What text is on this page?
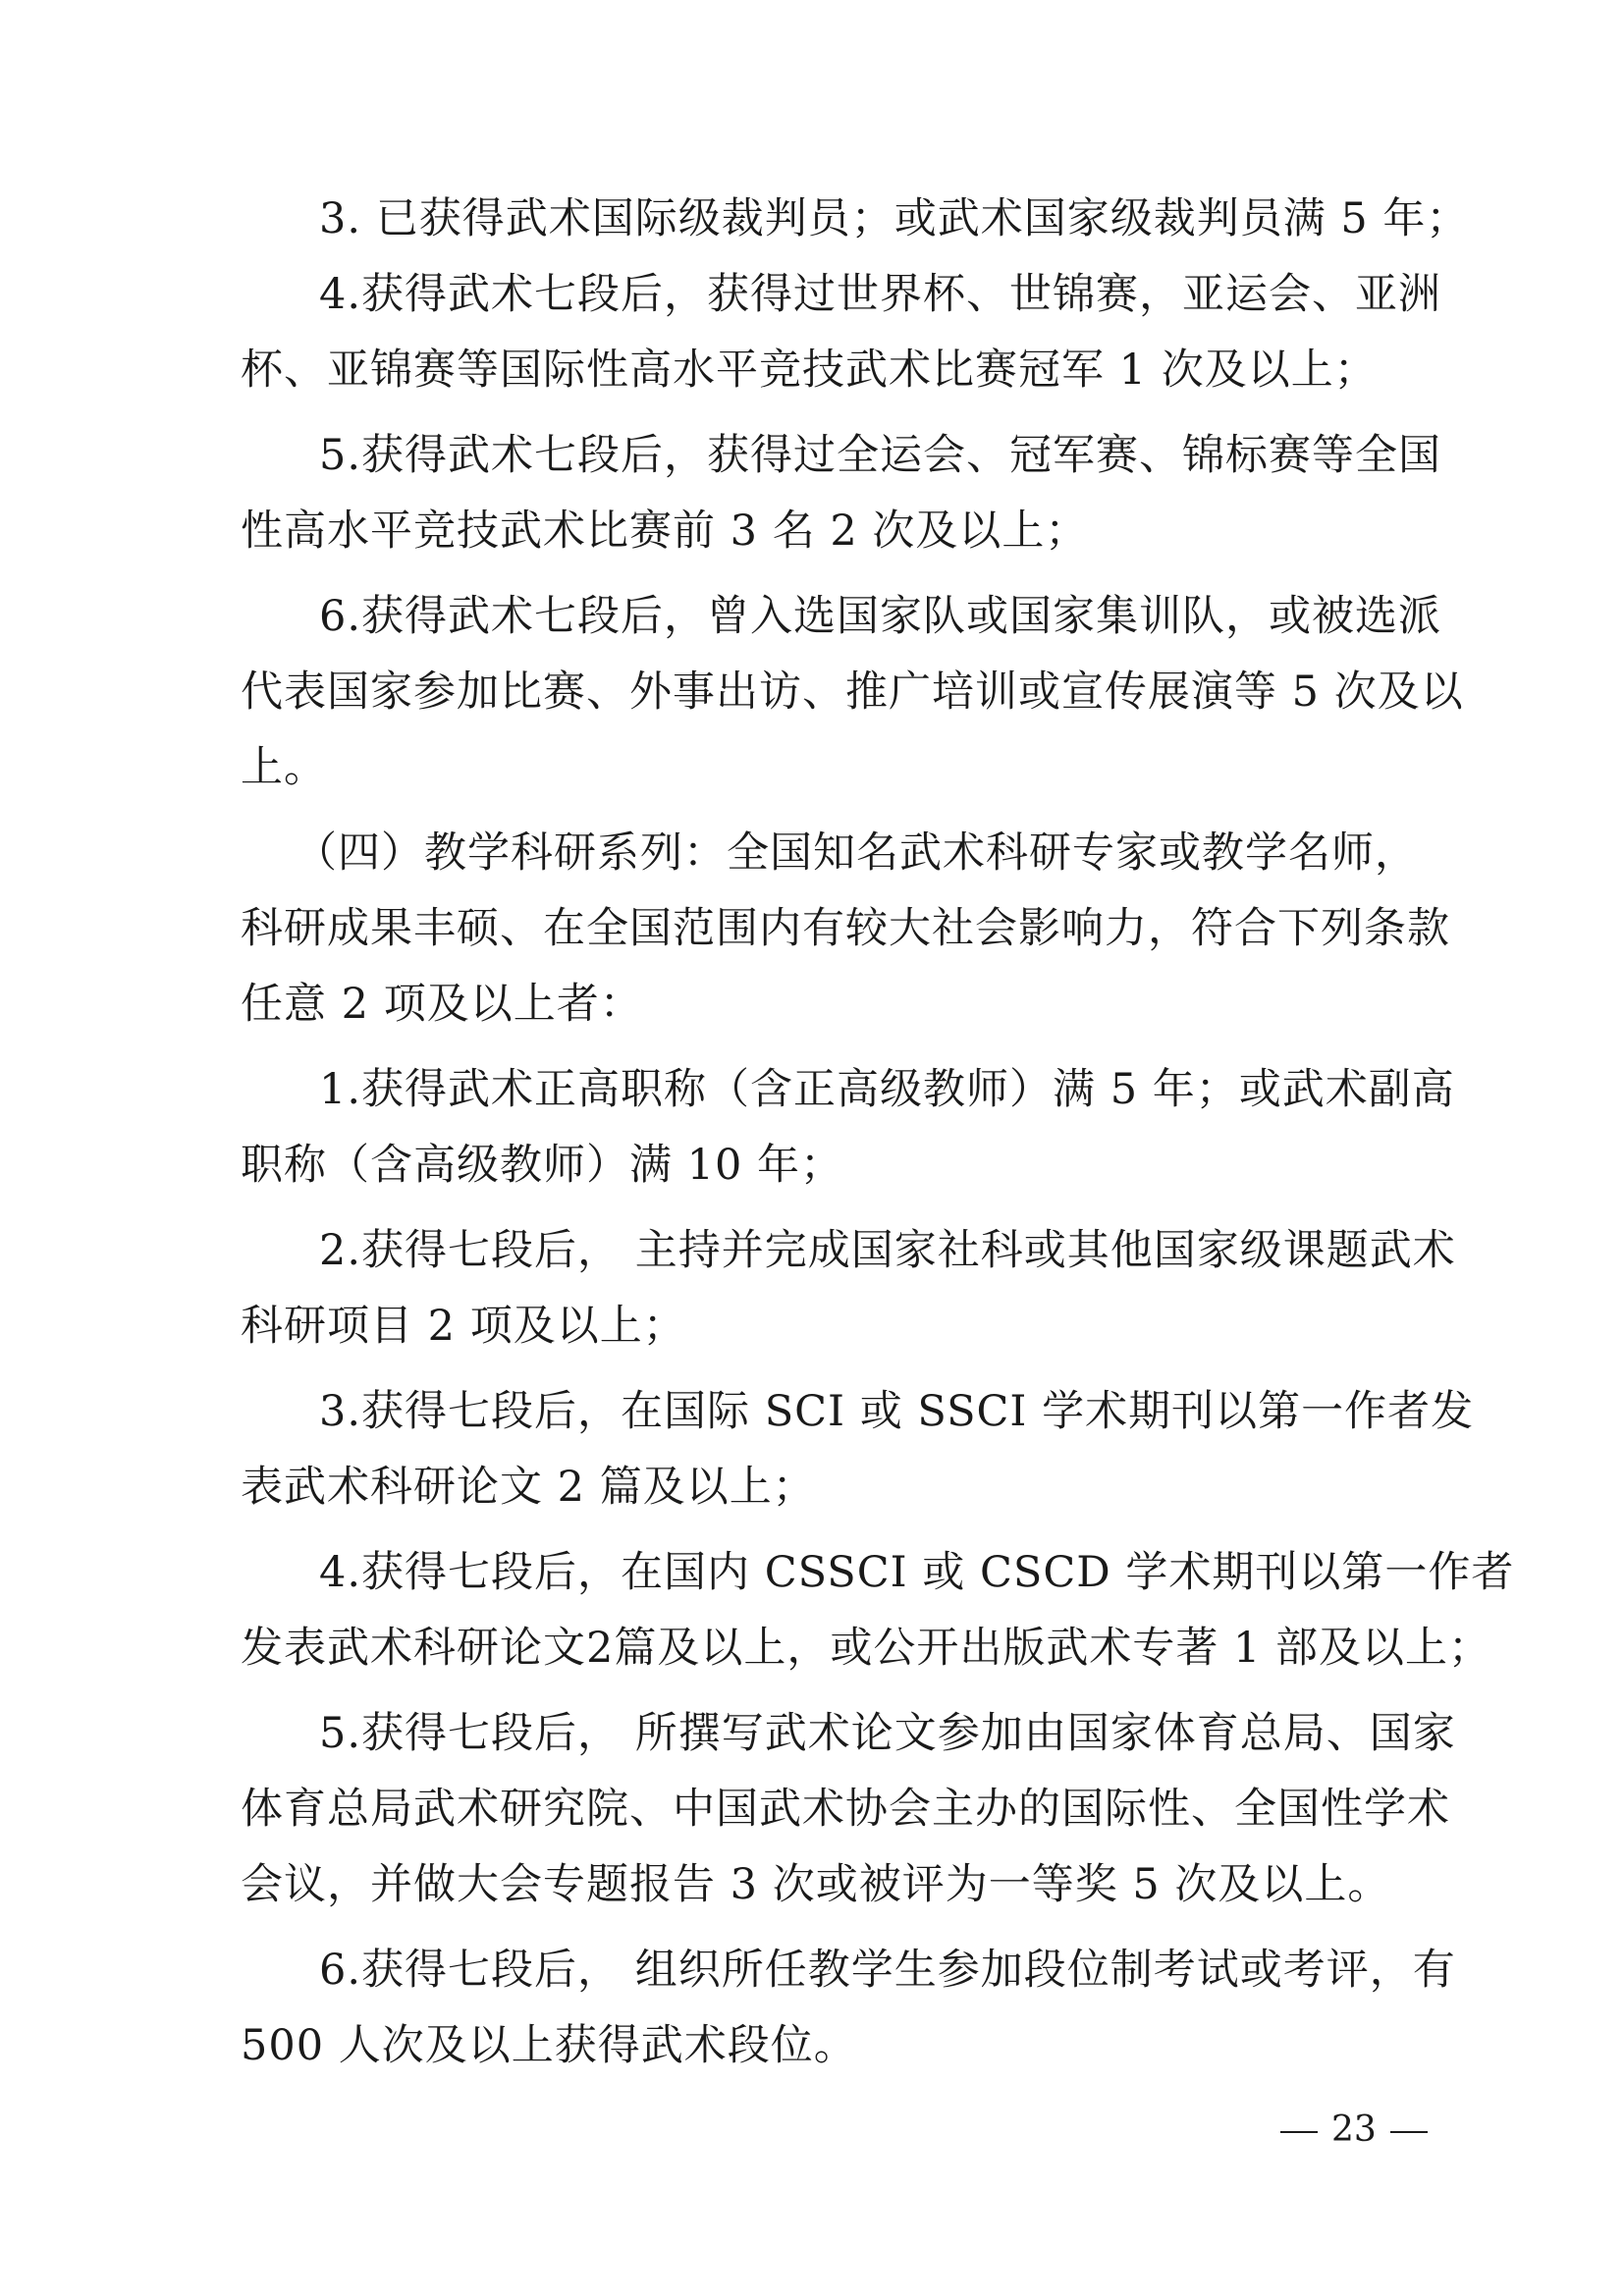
3. 已获得武术国际级裁判员；或武术国家级裁判员满 5 年；
4.获得武术七段后，获得过世界杯、世锦赛，亚运会、亚洲
杯、亚锦赛等国际性高水平竞技武术比赛冠军 1 次及以上；
5.获得武术七段后，获得过全运会、冠军赛、锦标赛等全国
性高水平竞技武术比赛前 3 名 2 次及以上；
6.获得武术七段后，曾入选国家队或国家集训队，或被选派
代表国家参加比赛、外事出访、推广培训或宣传展演等 5 次及以
上。
（四）教学科研系列：全国知名武术科研专家或教学名师，
科研成果丰硕、在全国范围内有较大社会影响力，符合下列条款
任意 2 项及以上者：
1.获得武术正高职称（含正高级教师）满 5 年；或武术副高
职称（含高级教师）满 10 年；
2.获得七段后， 主持并完成国家社科或其他国家级课题武术
科研项目 2 项及以上；
3.获得七段后，在国际 SCI 或 SSCI 学术期刊以第一作者发
表武术科研论文 2 篇及以上；
4.获得七段后，在国内 CSSCI 或 CSCD 学术期刊以第一作者
发表武术科研论文2篇及以上，或公开出版武术专著 1 部及以上；
5.获得七段后， 所撰写武术论文参加由国家体育总局、国家
体育总局武术研究院、中国武术协会主办的国际性、全国性学术
会议，并做大会专题报告 3 次或被评为一等奖 5 次及以上。
6.获得七段后， 组织所任教学生参加段位制考试或考评，有
500 人次及以上获得武术段位。
23
